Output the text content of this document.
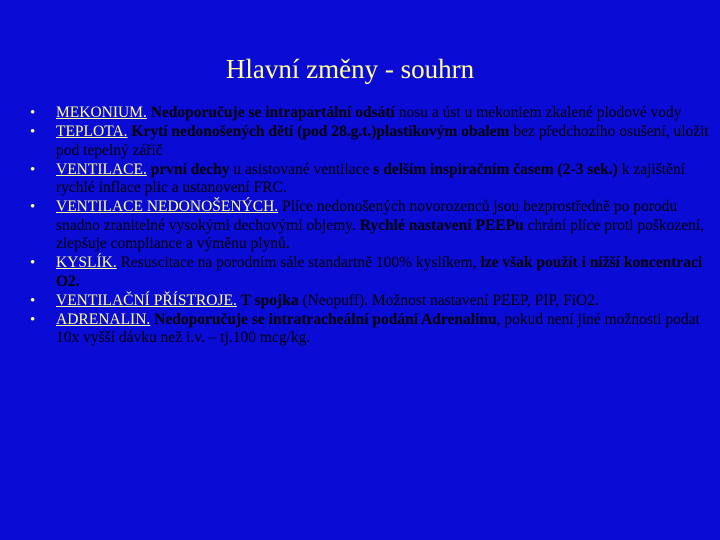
Hlavní změny - souhrn
• MEKONIUM. Nedoporučuje se intrapartální odsátí nosu a úst u mekoniem zkalené plodové vody
• TEPLOTA. Krytí nedonošených dětí (pod 28.g.t.)plastikovým obalem bez předchozího osušení, uložit pod tepelný zářič
• VENTILACE. první dechy u asistované ventilace s delším inspiračním časem (2-3 sek.) k zajištění rychlé inflace plic a ustanovení FRC.
• VENTILACE NEDONOŠENÝCH. Plíce nedonošených novorozenců jsou bezprostředně po porodu snadno zranitelné vysokými dechovými objemy. Rychlé nastavení PEEPu chrání plíce proti poškození, zlepšuje compliance a výměnu plynů.
• KYSLÍK. Resuscitace na porodním sále standartně 100% kyslíkem, lze však použít i nižší koncentraci O2.
• VENTILAČNÍ PŘÍSTROJE. T spojka (Neopuff). Možnost nastavení PEEP, PIP, FiO2.
• ADRENALIN. Nedoporučuje se intratracheální podání Adrenalinu, pokud není jiné možnosti podat 10x vyšší dávku než i.v. – tj.100 mcg/kg.
